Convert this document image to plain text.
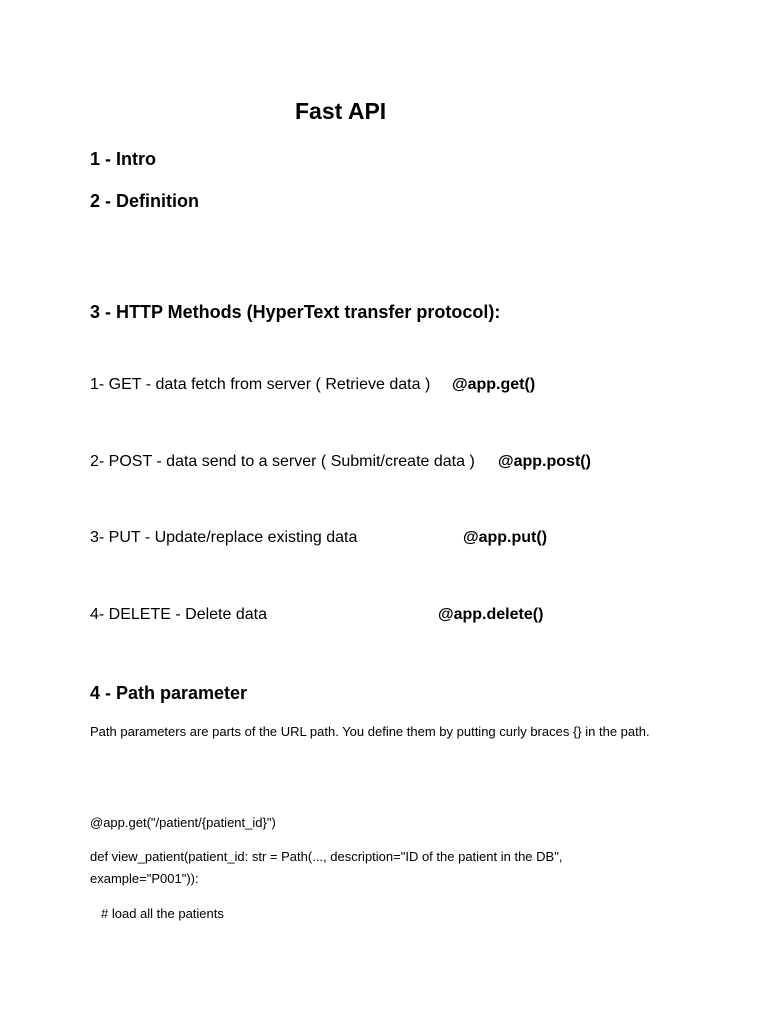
Fast API
1 - Intro
2 - Definition
3 - HTTP Methods (HyperText transfer protocol):
1- GET - data fetch from server ( Retrieve data ) @app.get()
2- POST - data send to a server ( Submit/create data ) @app.post()
3- PUT - Update/replace existing data	@app.put()
4- DELETE - Delete data	@app.delete()
4 - Path parameter
Path parameters are parts of the URL path. You define them by putting curly braces {} in the path.
@app.get("/patient/{patient_id}")
def view_patient(patient_id: str = Path(..., description="ID of the patient in the DB",
example="P001")):
# load all the patients
